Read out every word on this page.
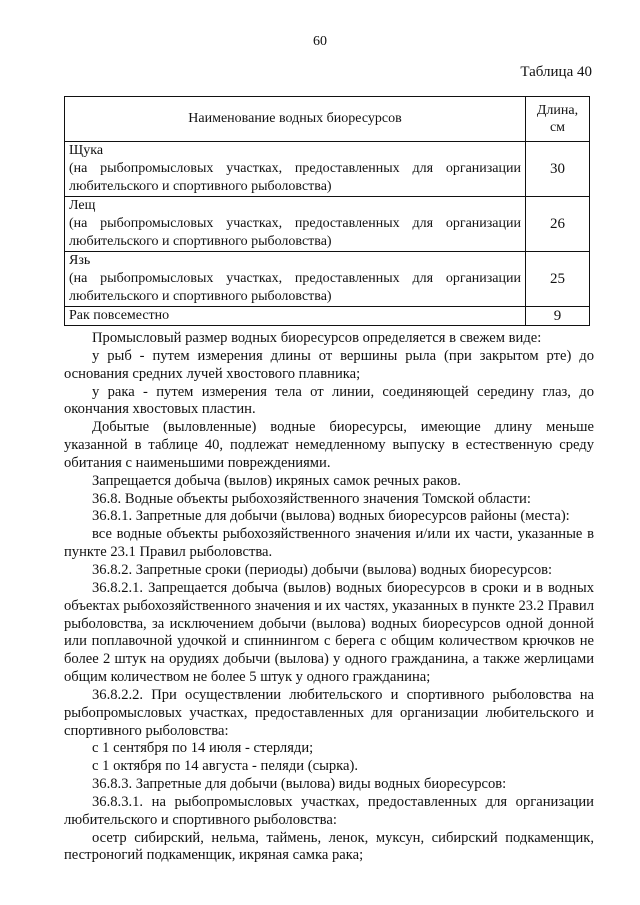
60
Таблица 40
Наименование водных биоресурсов	Длина,
см

Щука
(на рыбопромысловых участках, предоставленных для организации
любительского и спортивного рыболовства)	30

Лещ
(на рыбопромысловых участках, предоставленных для организации
любительского и спортивного рыболовства)	26

Язь
(на рыбопромысловых участках, предоставленных для организации
любительского и спортивного рыболовства)	25

Рак повсеместно	9

Промысловый размер водных биоресурсов определяется в свежем виде:

у рыб - путем измерения длины от вершины рыла (при закрытом рте) до основания средних лучей хвостового плавника;

у рака - путем измерения тела от линии, соединяющей середину глаз, до окончания хвостовых пластин.

Добытые (выловленные) водные биоресурсы, имеющие длину меньше указанной в таблице 40, подлежат немедленному выпуску в естественную среду обитания с наименьшими повреждениями.

Запрещается добыча (вылов) икряных самок речных раков.

36.8. Водные объекты рыбохозяйственного значения Томской области:

36.8.1. Запретные для добычи (вылова) водных биоресурсов районы (места):

все водные объекты рыбохозяйственного значения и/или их части, указанные в пункте 23.1 Правил рыболовства.

36.8.2. Запретные сроки (периоды) добычи (вылова) водных биоресурсов:

36.8.2.1. Запрещается добыча (вылов) водных биоресурсов в сроки и в водных объектах рыбохозяйственного значения и их частях, указанных в пункте 23.2 Правил рыболовства, за исключением добычи (вылова) водных биоресурсов одной донной или поплавочной удочкой и спиннингом с берега с общим количеством крючков не более 2 штук на орудиях добычи (вылова) у одного гражданина, а также жерлицами общим количеством не более 5 штук у одного гражданина;

36.8.2.2. При осуществлении любительского и спортивного рыболовства на рыбопромысловых участках, предоставленных для организации любительского и спортивного рыболовства:

с 1 сентября по 14 июля - стерляди;

с 1 октября по 14 августа - пеляди (сырка).

36.8.3. Запретные для добычи (вылова) виды водных биоресурсов:

36.8.3.1. на рыбопромысловых участках, предоставленных для организации любительского и спортивного рыболовства:

осетр сибирский, нельма, таймень, ленок, муксун, сибирский подкаменщик, пестроногий подкаменщик, икряная самка рака;
